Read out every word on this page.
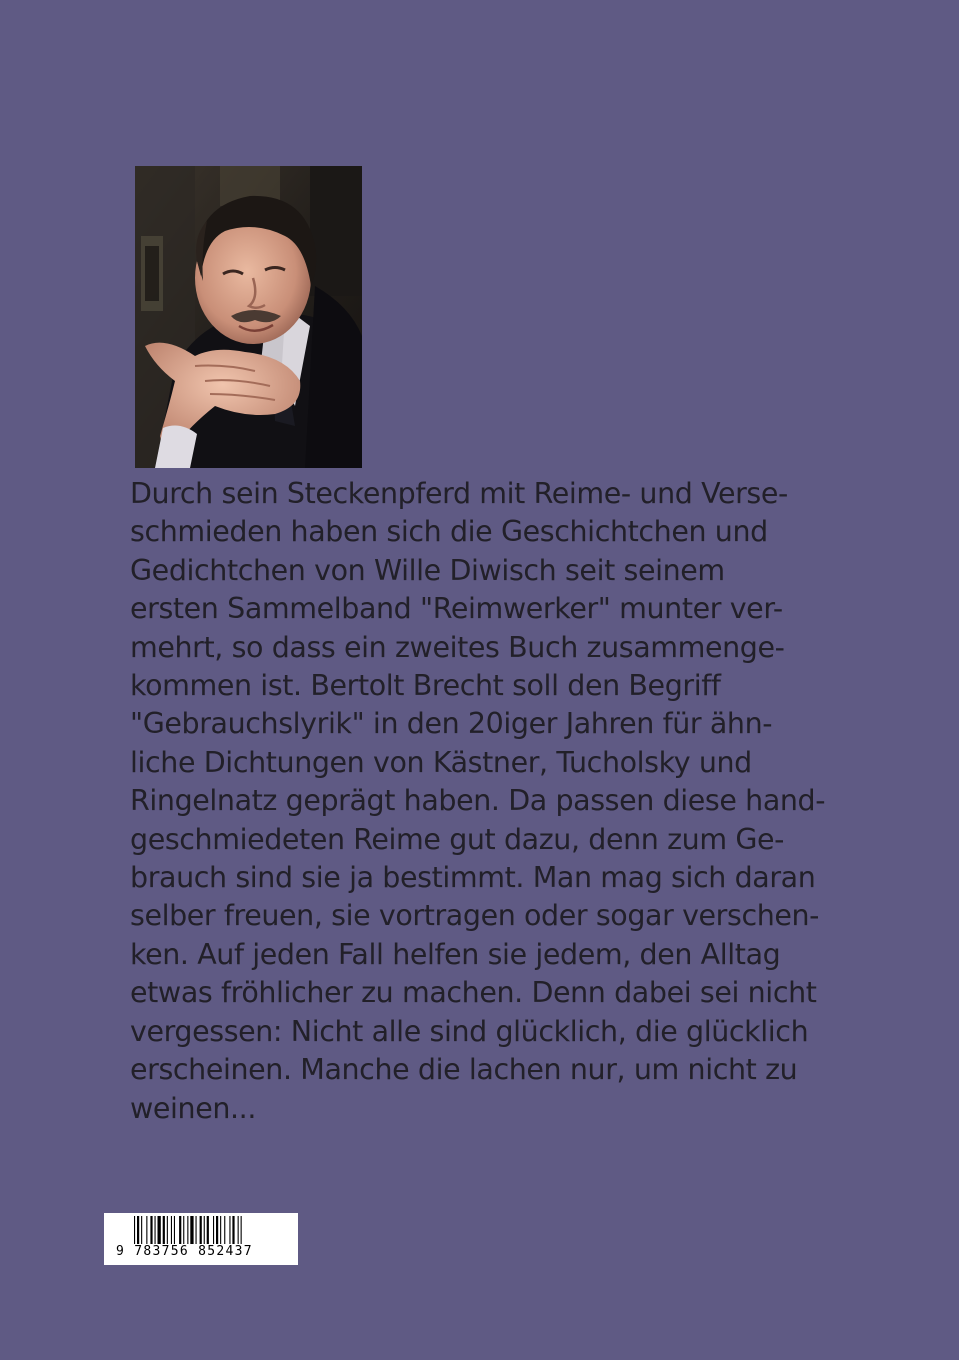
Durch sein Steckenpferd mit Reime- und Verse-
schmieden haben sich die Geschichtchen und
Gedichtchen von Wille Diwisch seit seinem
ersten Sammelband "Reimwerker" munter ver-
mehrt, so dass ein zweites Buch zusammenge-
kommen ist. Bertolt Brecht soll den Begriff
"Gebrauchslyrik" in den 20iger Jahren für ähn-
liche Dichtungen von Kästner, Tucholsky und
Ringelnatz geprägt haben. Da passen diese hand-
geschmiedeten Reime gut dazu, denn zum Ge-
brauch sind sie ja bestimmt. Man mag sich daran
selber freuen, sie vortragen oder sogar verschen-
ken. Auf jeden Fall helfen sie jedem, den Alltag
etwas fröhlicher zu machen. Denn dabei sei nicht
vergessen: Nicht alle sind glücklich, die glücklich
erscheinen. Manche die lachen nur, um nicht zu
weinen...
9 783756 852437
